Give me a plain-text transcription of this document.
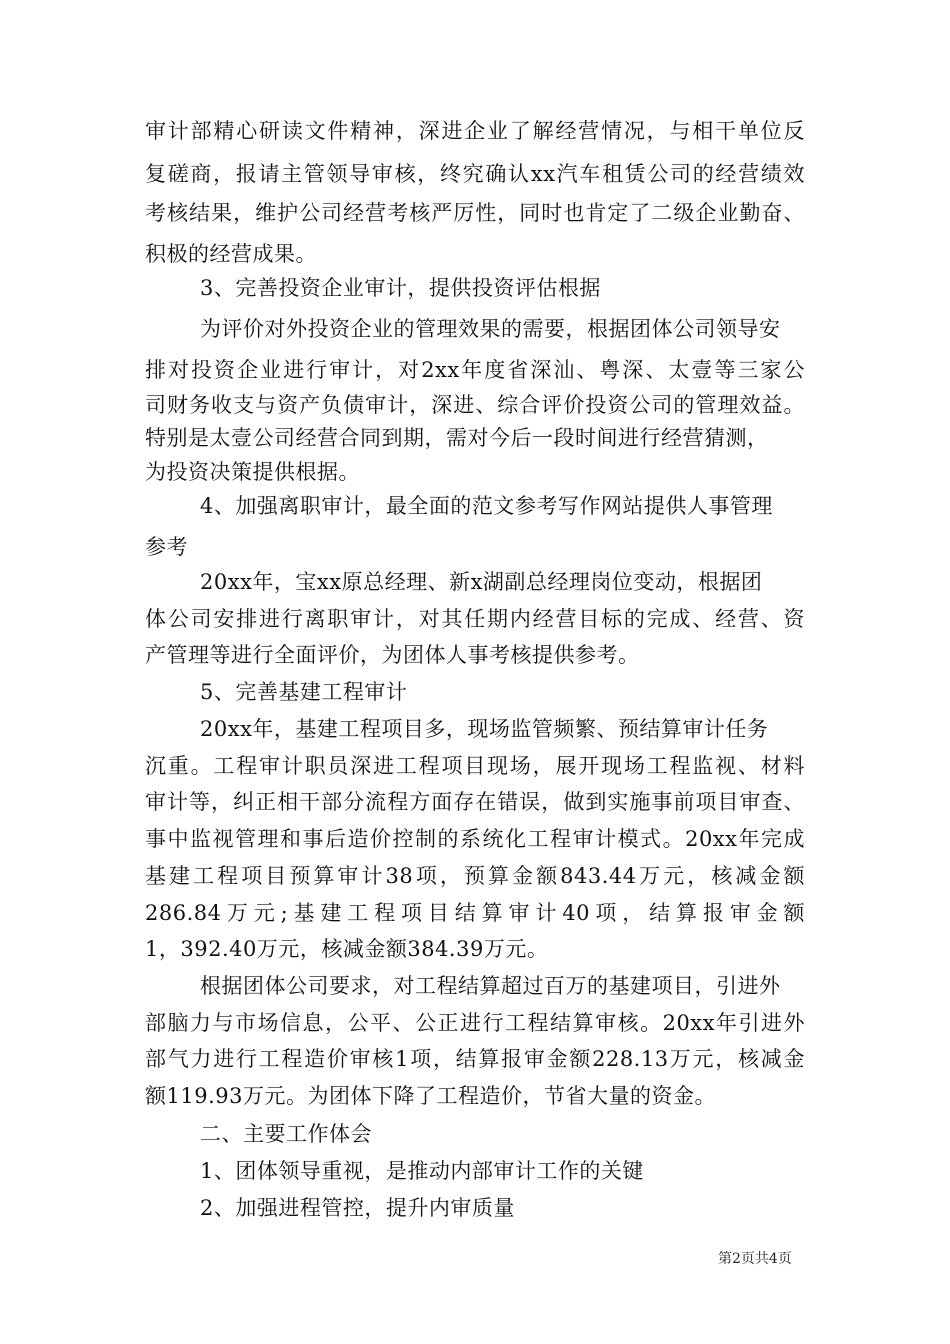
审计部精心研读文件精神，深进企业了解经营情况，与相干单位反
复磋商，报请主管领导审核，终究确认xx汽车租赁公司的经营绩效
考核结果，维护公司经营考核严厉性，同时也肯定了二级企业勤奋、
积极的经营成果。
3、完善投资企业审计，提供投资评估根据
为评价对外投资企业的管理效果的需要，根据团体公司领导安
排对投资企业进行审计，对2xx年度省深汕、粤深、太壹等三家公
司财务收支与资产负债审计，深进、综合评价投资公司的管理效益。
特别是太壹公司经营合同到期，需对今后一段时间进行经营猜测，
为投资决策提供根据。
4、加强离职审计，最全面的范文参考写作网站提供人事管理
参考
20xx年，宝xx原总经理、新x湖副总经理岗位变动，根据团
体公司安排进行离职审计，对其任期内经营目标的完成、经营、资
产管理等进行全面评价，为团体人事考核提供参考。
5、完善基建工程审计
20xx年，基建工程项目多，现场监管频繁、预结算审计任务
沉重。工程审计职员深进工程项目现场，展开现场工程监视、材料
审计等，纠正相干部分流程方面存在错误，做到实施事前项目审查、
事中监视管理和事后造价控制的系统化工程审计模式。20xx年完成
基建工程项目预算审计38项，预算金额843.44万元，核减金额
286.84万元;基建工程项目结算审计40项，结算报审金额
1，392.40万元，核减金额384.39万元。
根据团体公司要求，对工程结算超过百万的基建项目，引进外
部脑力与市场信息，公平、公正进行工程结算审核。20xx年引进外
部气力进行工程造价审核1项，结算报审金额228.13万元，核减金
额119.93万元。为团体下降了工程造价，节省大量的资金。
二、主要工作体会
1、团体领导重视，是推动内部审计工作的关键
2、加强进程管控，提升内审质量
第2页共4页
